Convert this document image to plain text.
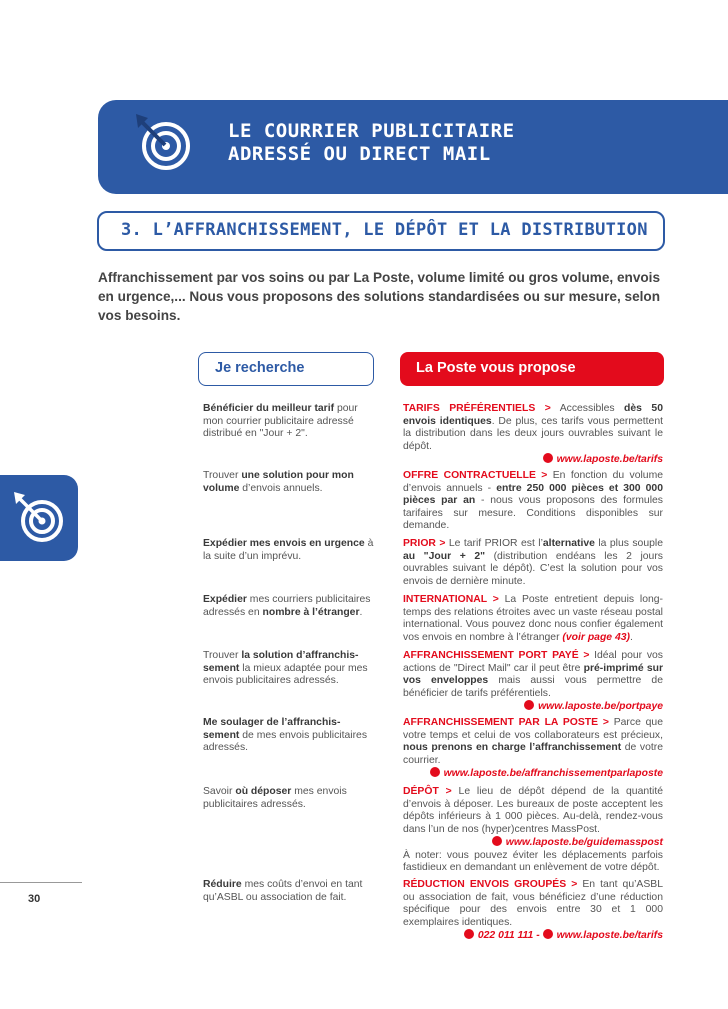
LE COURRIER PUBLICITAIRE
ADRESSÉ OU DIRECT MAIL
3. L’AFFRANCHISSEMENT, LE DÉPÔT ET LA DISTRIBUTION
Affranchissement par vos soins ou par La Poste, volume limité ou gros volume, envois en urgence,... Nous vous proposons des solutions standardisées ou sur mesure, selon vos besoins.
Je recherche	La Poste vous propose
Bénéficier du meilleur tarif pour mon courrier publicitaire adressé distribué en "Jour + 2".
TARIFS PRÉFÉRENTIELS > Accessibles dès 50 envois identiques. De plus, ces tarifs vous permettent la distribution dans les deux jours ouvrables suivant le dépôt.
www.laposte.be/tarifs
Trouver une solution pour mon volume d’envois annuels.
OFFRE CONTRACTUELLE > En fonction du volume d’envois annuels - entre 250 000 pièces et 300 000 pièces par an - nous vous proposons des formules tarifaires sur mesure. Conditions disponibles sur demande.
Expédier mes envois en urgence à la suite d’un imprévu.
PRIOR > Le tarif PRIOR est l’alternative la plus souple au "Jour + 2" (distribution endéans les 2 jours ouvrables suivant le dépôt). C’est la solution pour vos envois de dernière minute.
Expédier mes courriers publicitaires adressés en nombre à l’étranger.
INTERNATIONAL > La Poste entretient depuis long-temps des relations étroites avec un vaste réseau postal international. Vous pouvez donc nous confier également vos envois en nombre à l’étranger (voir page 43).
Trouver la solution d’affranchis-sement la mieux adaptée pour mes envois publicitaires adressés.
AFFRANCHISSEMENT PORT PAYÉ > Idéal pour vos actions de "Direct Mail" car il peut être pré-imprimé sur vos enveloppes mais aussi vous permettre de bénéficier de tarifs préférentiels.
www.laposte.be/portpaye
Me soulager de l’affranchis-sement de mes envois publicitaires adressés.
AFFRANCHISSEMENT PAR LA POSTE > Parce que votre temps et celui de vos collaborateurs est précieux, nous prenons en charge l’affranchissement de votre courrier.
www.laposte.be/affranchissementparlaposte
Savoir où déposer mes envois publicitaires adressés.
DÉPÔT > Le lieu de dépôt dépend de la quantité d’envois à déposer. Les bureaux de poste acceptent les dépôts inférieurs à 1 000 pièces. Au-delà, rendez-vous dans l’un de nos (hyper)centres MassPost.
www.laposte.be/guidemasspost
À noter: vous pouvez éviter les déplacements parfois fastidieux en demandant un enlèvement de votre dépôt.
30
Réduire mes coûts d’envoi en tant qu’ASBL ou association de fait.
RÉDUCTION ENVOIS GROUPÉS > En tant qu’ASBL ou association de fait, vous bénéficiez d’une réduction spécifique pour des envois entre 30 et 1 000 exemplaires identiques.
022 011 111 - www.laposte.be/tarifs
